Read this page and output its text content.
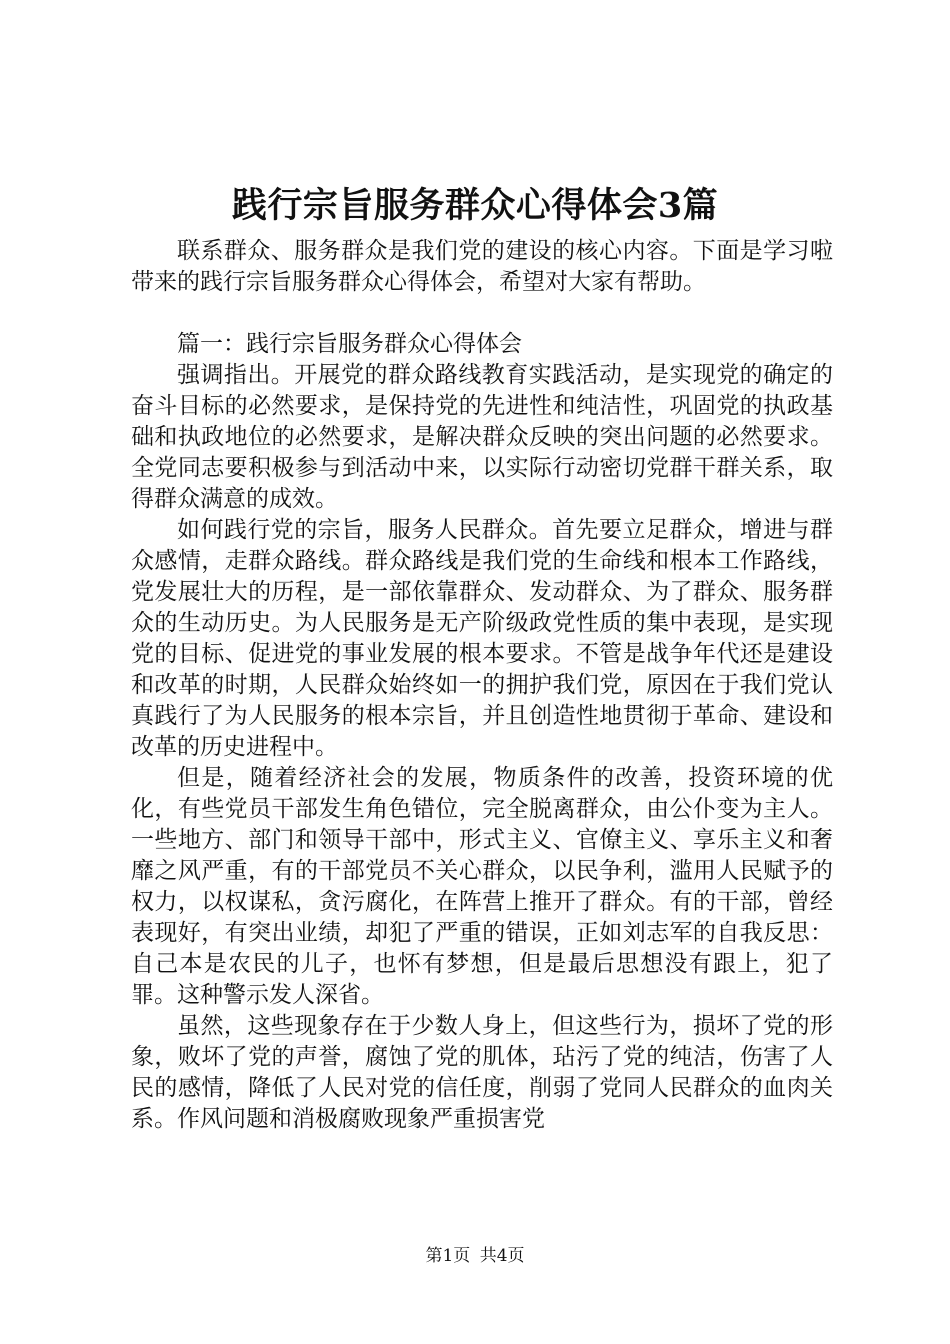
践行宗旨服务群众心得体会3篇

联系群众、服务群众是我们党的建设的核心内容。下面是学习啦带来的践行宗旨服务群众心得体会，希望对大家有帮助。

篇一：践行宗旨服务群众心得体会

强调指出。开展党的群众路线教育实践活动，是实现党的确定的奋斗目标的必然要求，是保持党的先进性和纯洁性，巩固党的执政基础和执政地位的必然要求，是解决群众反映的突出问题的必然要求。全党同志要积极参与到活动中来，以实际行动密切党群干群关系，取得群众满意的成效。

如何践行党的宗旨，服务人民群众。首先要立足群众，增进与群众感情，走群众路线。群众路线是我们党的生命线和根本工作路线，党发展壮大的历程，是一部依靠群众、发动群众、为了群众、服务群众的生动历史。为人民服务是无产阶级政党性质的集中表现，是实现党的目标、促进党的事业发展的根本要求。不管是战争年代还是建设和改革的时期，人民群众始终如一的拥护我们党，原因在于我们党认真践行了为人民服务的根本宗旨，并且创造性地贯彻于革命、建设和改革的历史进程中。

但是，随着经济社会的发展，物质条件的改善，投资环境的优化，有些党员干部发生角色错位，完全脱离群众，由公仆变为主人。一些地方、部门和领导干部中，形式主义、官僚主义、享乐主义和奢靡之风严重，有的干部党员不关心群众，以民争利，滥用人民赋予的权力，以权谋私，贪污腐化，在阵营上推开了群众。有的干部，曾经表现好，有突出业绩，却犯了严重的错误，正如刘志军的自我反思：自己本是农民的儿子，也怀有梦想，但是最后思想没有跟上，犯了罪。这种警示发人深省。

虽然，这些现象存在于少数人身上，但这些行为，损坏了党的形象，败坏了党的声誉，腐蚀了党的肌体，玷污了党的纯洁，伤害了人民的感情，降低了人民对党的信任度，削弱了党同人民群众的血肉关系。作风问题和消极腐败现象严重损害党

第1页 共4页
